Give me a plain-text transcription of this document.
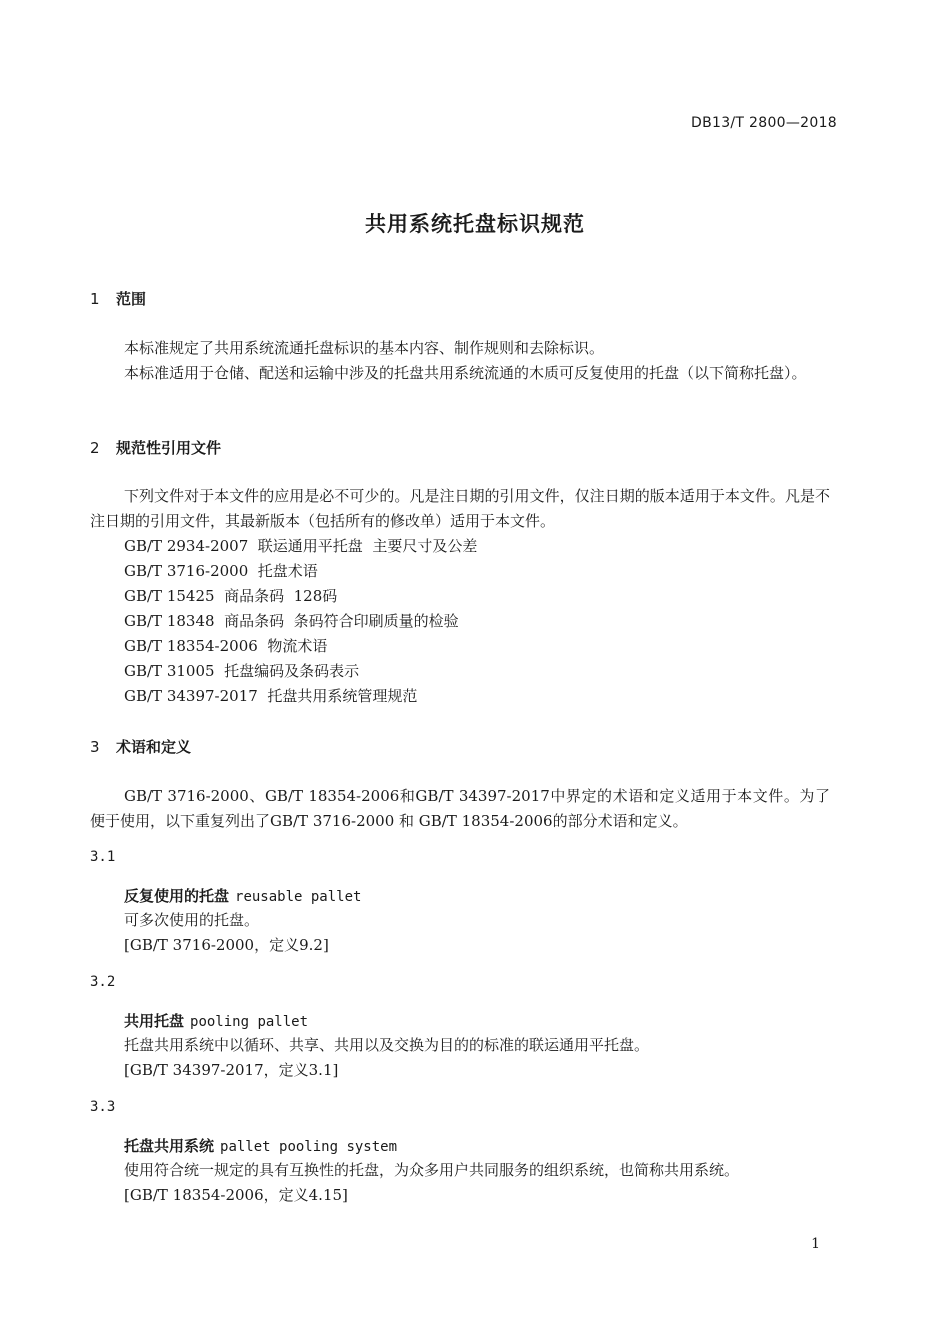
DB13/T 2800—2018
共用系统托盘标识规范
1 范围
本标准规定了共用系统流通托盘标识的基本内容、制作规则和去除标识。
本标准适用于仓储、配送和运输中涉及的托盘共用系统流通的木质可反复使用的托盘（以下简称托盘）。
2 规范性引用文件
下列文件对于本文件的应用是必不可少的。凡是注日期的引用文件，仅注日期的版本适用于本文件。凡是不注日期的引用文件，其最新版本（包括所有的修改单）适用于本文件。
GB/T 2934-2007  联运通用平托盘  主要尺寸及公差
GB/T 3716-2000  托盘术语
GB/T 15425  商品条码  128码
GB/T 18348  商品条码  条码符合印刷质量的检验
GB/T 18354-2006  物流术语
GB/T 31005  托盘编码及条码表示
GB/T 34397-2017  托盘共用系统管理规范
3 术语和定义
GB/T 3716-2000、GB/T 18354-2006和GB/T 34397-2017中界定的术语和定义适用于本文件。为了便于使用，以下重复列出了GB/T 3716-2000 和 GB/T 18354-2006的部分术语和定义。
3.1
反复使用的托盘 reusable pallet
可多次使用的托盘。
[GB/T 3716-2000，定义9.2]
3.2
共用托盘 pooling pallet
托盘共用系统中以循环、共享、共用以及交换为目的的标准的联运通用平托盘。
[GB/T 34397-2017，定义3.1]
3.3
托盘共用系统 pallet pooling system
使用符合统一规定的具有互换性的托盘，为众多用户共同服务的组织系统，也简称共用系统。
[GB/T 18354-2006，定义4.15]
1
